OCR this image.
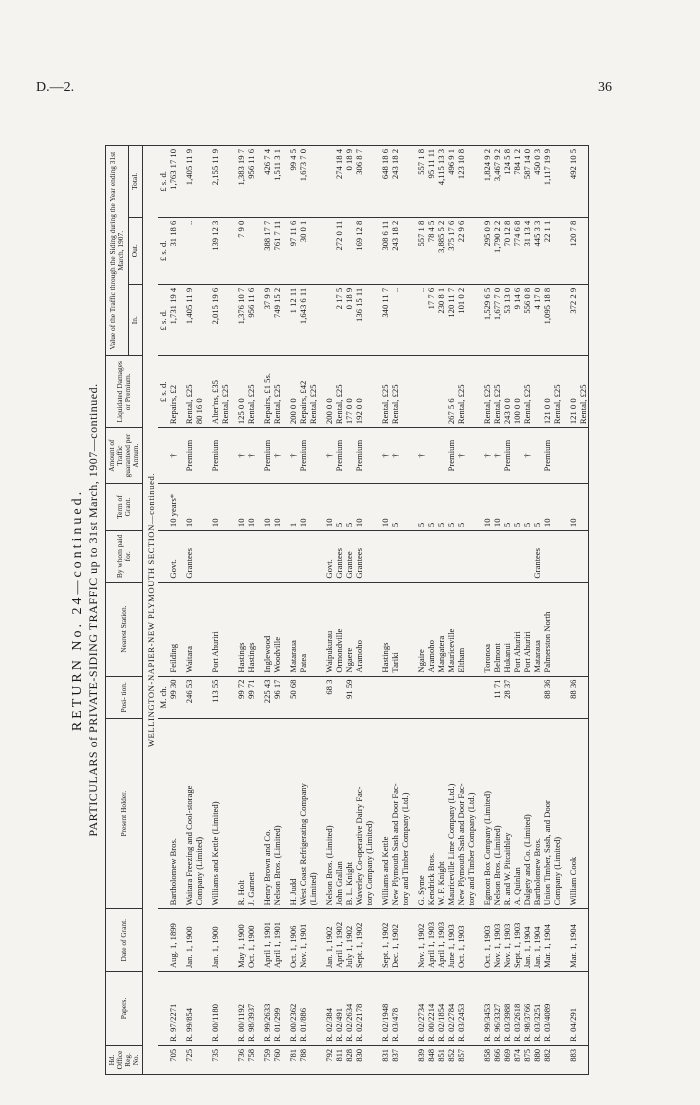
D.—2.	36
RETURN No. 24—continued. PARTICULARS of PRIVATE-SIDING TRAFFIC up to 31st March, 1907—continued.
Hd. Office Reg. No.	Papers.	Date of Grant.	Present Holder.	Posi- tion.	Nearest Station.	By whom paid for.	Term of Grant.	Amount of Traffic guaranteed per Annum.	Liquidated Damages or Premium.	Value of the Traffic through the Siding during the Year ending 31st March, 1907.		
										In.	Out.	Total.
WELLINGTON-NAPIER-NEW PLYMOUTH SECTION—continued.												
				M. ch.					£ s. d.	£ s. d.	£ s. d.	£ s. d.
705	R. 97/2271	Aug. 1, 1899	Bartholomew Bros.	99 30	Feilding	Govt.	10 years*	†	Repairs, £2	1,731 19 4	31 18 6	1,763 17 10

725	R. 99/854	Jan. 1, 1900	Waitara Freezing and Cool-storage	246 53	Waitara	Grantees	10	Premium	Rental, £25	1,405 11 9	..	1,405 11 9
			Company (Limited)						80 16 0			

735	R. 00/1180	Jan. 1, 1900	Williams and Kettle (Limited)	113 55	Port Ahuriri		10	Premium	Alter'ns, £35	2,015 19 6	139 12 3	2,155 11 9
									Rental, £25			

736	R. 00/1192	May 1, 1900	R. Holt	99 72	Hastings		10	†	125 0 0	1,376 10 7	7 9 0	1,383 19 7
758	R. 98/3937	Oct. 1, 1900	J. Garnett	99 71	Hastings		10	†	Rental, £25	956 11 6		956 11 6

759	R. 99/2633	April 1, 1901	Henry Brown and Co.	225 43	Inglewood		10	Premium	Repairs, £1 5s.	37 9 9	388 17 7	426 7 4
760	R. 01/299	April 1, 1901	Nelson Bros. (Limited)	96 17	Woodville		10	†	Rental, £25	749 15 2	761 7 11	1,511 3 1

781	R. 00/2362	Oct. 1, 1906	H. Judd	50 68	Mataraua		1	†	200 0 0	1 12 11	97 11 6	99 4 5
788	R. 01/886	Nov. 1, 1901	West Coast Refrigerating Company		Patea		10	Premium	Repairs, £42	1,643 6 11	30 0 1	1,673 7 0
			(Limited)						Rental, £25			

792	R. 02/384	Jan. 1, 1902	Nelson Bros. (Limited)	68 3	Waipukurau	Govt.	10	†	200 0 0			
811	R. 02/491	April 1, 1902	John Grallan		Ormondville	Grantees	5	Premium	Rental, £25	2 17 5	272 0 11	274 18 4
828	R. 02/2634	July 1, 1902	B. L. Knight	91 59	Ngaere	Grantee	5		177 0 0	0 18 9		0 18 9
830	R. 02/2178	Sept. 1, 1902	Waverley Co-operative Dairy Fac-		Aramoho	Grantees	10	Premium	192 0 0	136 15 11	169 12 8	306 8 7
			tory Company (Limited)									

831	R. 02/1948	Sept. 1, 1902	Williams and Kettle		Hastings		10	†	Rental, £25	340 11 7	308 6 11	648 18 6
837	R. 03/478	Dec. 1, 1902	New Plymouth Sash and Door Fac-		Tariki		5	†	Rental, £25	..	243 18 2	243 18 2
			tory and Timber Company (Ltd.)									

839	R. 02/2734	Nov. 1, 1902	G. Syme		Ngaire		5	†		..	557 1 8	557 1 8
848	R. 00/2214	April 1, 1903	Kendrick Bros.		Aramoho		5			17 7 6	78 4 5	95 11 11
851	R. 02/1854	April 1, 1903	W. F. Knight		Mangatera		5			230 8 1	3,885 5 2	4,115 13 3
852	R. 02/2784	June 1, 1903	Mauriceville Lime Company (Ltd.)		Mauriceville		5	Premium	267 5 6	120 11 7	375 17 6	496 9 1
857	R. 03/2453	Oct. 1, 1903	New Plymouth Sash and Door Fac-		Eltham		5	†	Rental, £25	101 0 2	22 9 6	123 10 8
			tory and Timber Company (Ltd.)									

858	R. 99/3453	Oct. 1, 1903	Egmont Box Company (Limited)		Toronoa		10	†	Rental, £25	1,529 6 5	295 0 9	1,824 9 2
866	R. 96/3327	Nov. 1, 1903	Nelson Bros. (Limited)	11 71	Belmont		10	†	Rental, £25	1,677 7 0	1,790 2 2	3,467 9 2
869	R. 03/3988	Nov. 1, 1903	R. and W. Pitcaithley	28 37	Hukanui		5	Premium	243 0 0	53 13 0	70 12 8	124 5 8
874	R. 03/2618	Sept. 1, 1903	A. Quinlan		Port Ahuriri		5		100 0 0	9 14 6	774 6 8	784 1 2
875	R. 98/3766	Jan. 1, 1904	Dalgety and Co. (Limited)		Port Ahuriri		5	†	Rental, £25	556 0 8	31 13 4	587 14 0
880	R. 03/3251	Jan. 1, 1904	Bartholomew Bros.		Mataraua	Grantees	5			4 17 0	445 3 3	450 0 3
882	R. 03/4089	Mar. 1, 1904	Union Timber, Sash, and Door	88 36	Palmerston North		10	Premium	121 0 0	1,095 18 8	22 1 1	1,117 19 9
			Company (Limited)						Rental, £25			

883	R. 04/291	Mar. 1, 1904	William Cook	88 36			10		121 0 0	372 2 9	120 7 8	492 10 5
									Rental, £25			
